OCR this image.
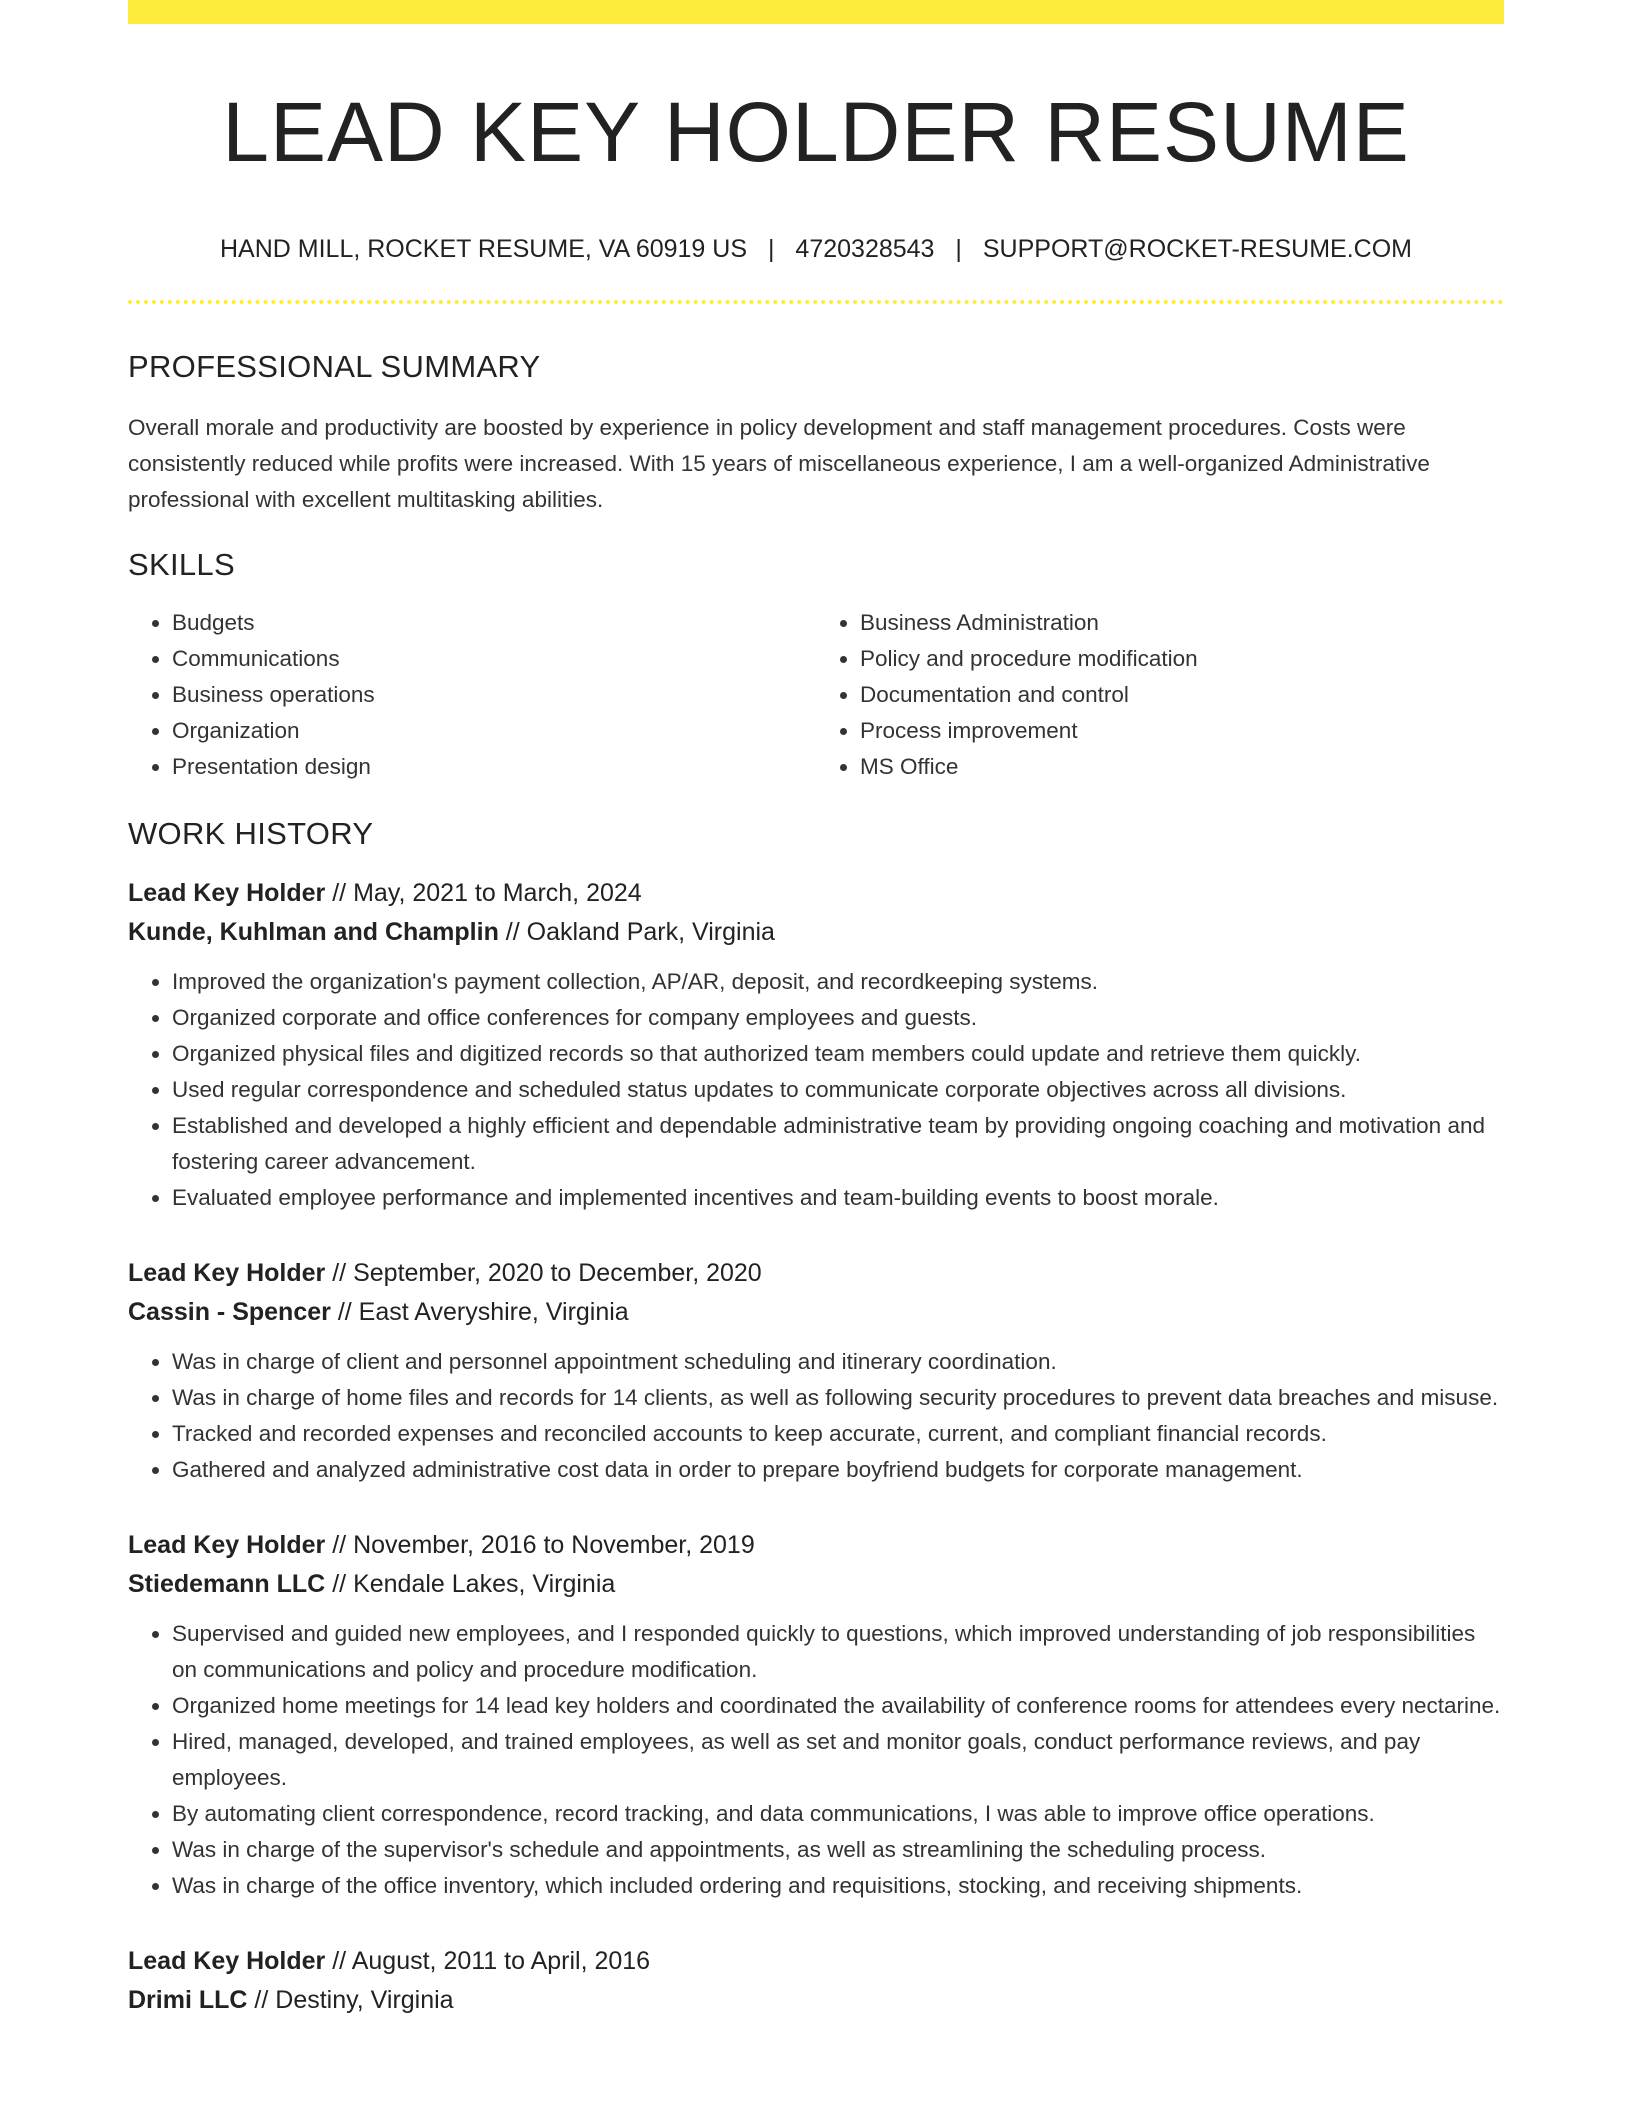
LEAD KEY HOLDER RESUME
HAND MILL, ROCKET RESUME, VA 60919 US | 4720328543 | SUPPORT@ROCKET-RESUME.COM
PROFESSIONAL SUMMARY

Overall morale and productivity are boosted by experience in policy development and staff management procedures. Costs were consistently reduced while profits were increased. With 15 years of miscellaneous experience, I am a well-organized Administrative professional with excellent multitasking abilities.

SKILLS
• Budgets
• Communications
• Business operations
• Organization
• Presentation design
• Business Administration
• Policy and procedure modification
• Documentation and control
• Process improvement
• MS Office
WORK HISTORY
Lead Key Holder // May, 2021 to March, 2024
Kunde, Kuhlman and Champlin // Oakland Park, Virginia
• Improved the organization's payment collection, AP/AR, deposit, and recordkeeping systems.
• Organized corporate and office conferences for company employees and guests.
• Organized physical files and digitized records so that authorized team members could update and retrieve them quickly.
• Used regular correspondence and scheduled status updates to communicate corporate objectives across all divisions.
• Established and developed a highly efficient and dependable administrative team by providing ongoing coaching and motivation and fostering career advancement.
• Evaluated employee performance and implemented incentives and team-building events to boost morale.
Lead Key Holder // September, 2020 to December, 2020
Cassin - Spencer // East Averyshire, Virginia
• Was in charge of client and personnel appointment scheduling and itinerary coordination.
• Was in charge of home files and records for 14 clients, as well as following security procedures to prevent data breaches and misuse.
• Tracked and recorded expenses and reconciled accounts to keep accurate, current, and compliant financial records.
• Gathered and analyzed administrative cost data in order to prepare boyfriend budgets for corporate management.
Lead Key Holder // November, 2016 to November, 2019
Stiedemann LLC // Kendale Lakes, Virginia
• Supervised and guided new employees, and I responded quickly to questions, which improved understanding of job responsibilities on communications and policy and procedure modification.
• Organized home meetings for 14 lead key holders and coordinated the availability of conference rooms for attendees every nectarine.
• Hired, managed, developed, and trained employees, as well as set and monitor goals, conduct performance reviews, and pay employees.
• By automating client correspondence, record tracking, and data communications, I was able to improve office operations.
• Was in charge of the supervisor's schedule and appointments, as well as streamlining the scheduling process.
• Was in charge of the office inventory, which included ordering and requisitions, stocking, and receiving shipments.
Lead Key Holder // August, 2011 to April, 2016
Drimi LLC // Destiny, Virginia
